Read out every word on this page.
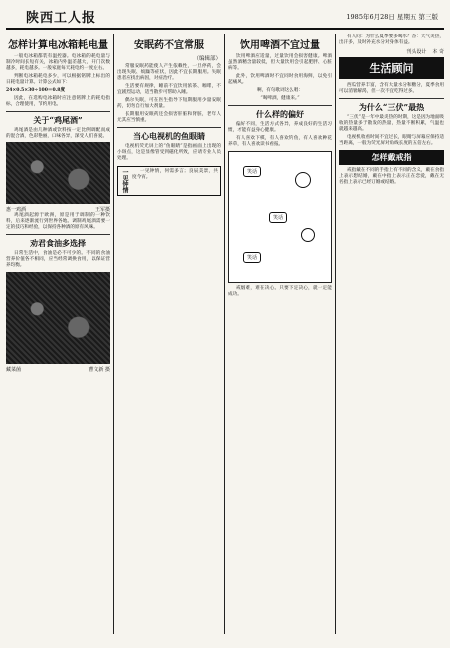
陕西工人报	1985年6月28日 星期五 第三版
怎样计算电冰箱耗电量

一般电冰箱都装有温控器。电冰箱的耗电量与制冷时间长短有关，冰箱内外温差越大，开门次数越多，耗电越多。一般家庭每天耗电约一度左右。

判断电冰箱耗电多少，可以根据铭牌上标出的日耗电量计算。计算公式如下：

24×0.5×30÷100＝0.8度

因此，在选购电冰箱时应注意铭牌上的耗电指标，合理使用，节约用电。

关于“鸡尾酒”

鸡尾酒是由几种酒或饮料按一定比例调配而成的混合酒，色彩艳丽，口味各异，深受人们喜爱。

惠一鸡酒	王军摄

鸡尾酒起源于欧洲，原是用于调制的一种饮料，后来逐渐流行到世界各地。调制鸡尾酒需要一定的技巧和经验，以保持各种酒的原有风味。

劝君食油多选择

日常生活中，食油是必不可少的。不同的食油营养价值各不相同，应当经常调换食用，以保证营养均衡。

藏菜菌	曹文新 摄
安眠药不宜常服
（编辑部）

常服安眠药能使人产生依赖性，一旦停药，会出现失眠、烦躁等症状，因此不宜长期服用。失眠患者应找出病因，对症治疗。

生活要有规律，睡前不宜饮用浓茶、咖啡，不宜剧烈运动，适当散步可帮助入睡。

偶尔失眠，可在医生指导下短期服用少量安眠药，切勿自行加大剂量。

长期服用安眠药还会损害肝脏和肾脏，老年人尤其应当慎重。

当心电视机的鱼眼睛

电视机荧光屏上的“鱼眼睛”是指画面上出现的小斑点，这是显像管受到磁化所致，应请专业人员处理。

一见钟情	一见钟情，何需多言；良辰美景，共度今宵。

饮用啤酒不宜过量

饮用啤酒应适量，过量饮用会损害健康。啤酒虽然酒精含量较低，但大量饮用会引起肥胖、心脏病等。

此外，饮用啤酒时不宜同时食用海鲜，以免引起痛风。

啊，有句歌词这么唱：

“喝啤酒，健康来。”

什么样的偏好

偏好不同，生活方式各异，养成良好的生活习惯，才能有益身心健康。

有人喜欢下棋，有人喜欢钓鱼，有人喜欢种花养草，有人喜欢读书看报。

笑话
笑话
笑话

戒烟难，难在决心。只要下定决心，就一定能成功。

有人问：为什么夏季要多喝水？答：天气炎热，出汗多，及时补充水分对身体有益。

刊头设计 本 奇
生活顾问

西瓜营养丰富，含有大量水分和糖分，夏季食用可以消暑解渴，但一次不宜吃得过多。

为什么“三伏”最热

“三伏”是一年中最炎热的时期，这是因为地面吸收的热量多于散发的热量，热量不断积累，气温也就越来越高。

电视机收看时间不宜过长，眼睛与屏幕应保持适当距离，一般为荧光屏对角线长度的五倍左右。

怎样戴戒指

戒指戴在不同的手指上有不同的含义，戴在食指上表示想结婚，戴在中指上表示正在恋爱，戴在无名指上表示已经订婚或结婚。
